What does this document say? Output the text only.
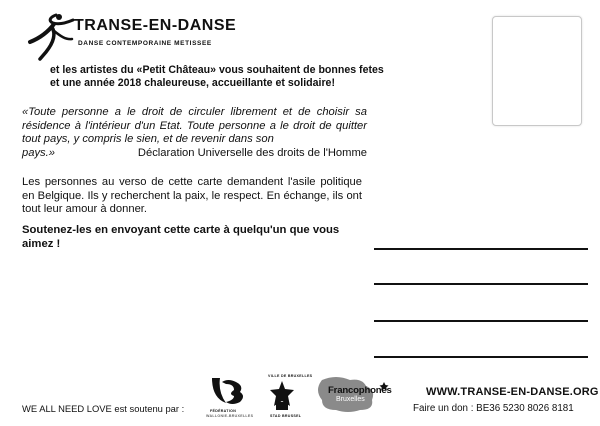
TRANSE-EN-DANSE
DANSE CONTEMPORAINE METISSEE
et les artistes du «Petit Château» vous souhaitent de bonnes fetes et une année 2018 chaleureuse, accueillante et solidaire!

«Toute personne a le droit de circuler librement et de choisir sa résidence à l'intérieur d'un Etat. Toute personne a le droit de quitter tout pays, y compris le sien, et de revenir dans son

pays.»	Déclaration Universelle des droits de l'Homme

Les personnes au verso de cette carte demandent l'asile politique en Belgique. Ils y recherchent la paix, le respect. En échange, ils ont tout leur amour à donner.

Soutenez-les en envoyant cette carte à quelqu'un que vous aimez !

WE ALL NEED LOVE est soutenu par :	FÉDÉRATION
WALLONIE-BRUXELLES
VILLE DE BRUXELLES
STAD BRUSSEL
Francophones
Bruxelles
WWW.TRANSE-EN-DANSE.ORG
Faire un don : BE36 5230 8026 8181
